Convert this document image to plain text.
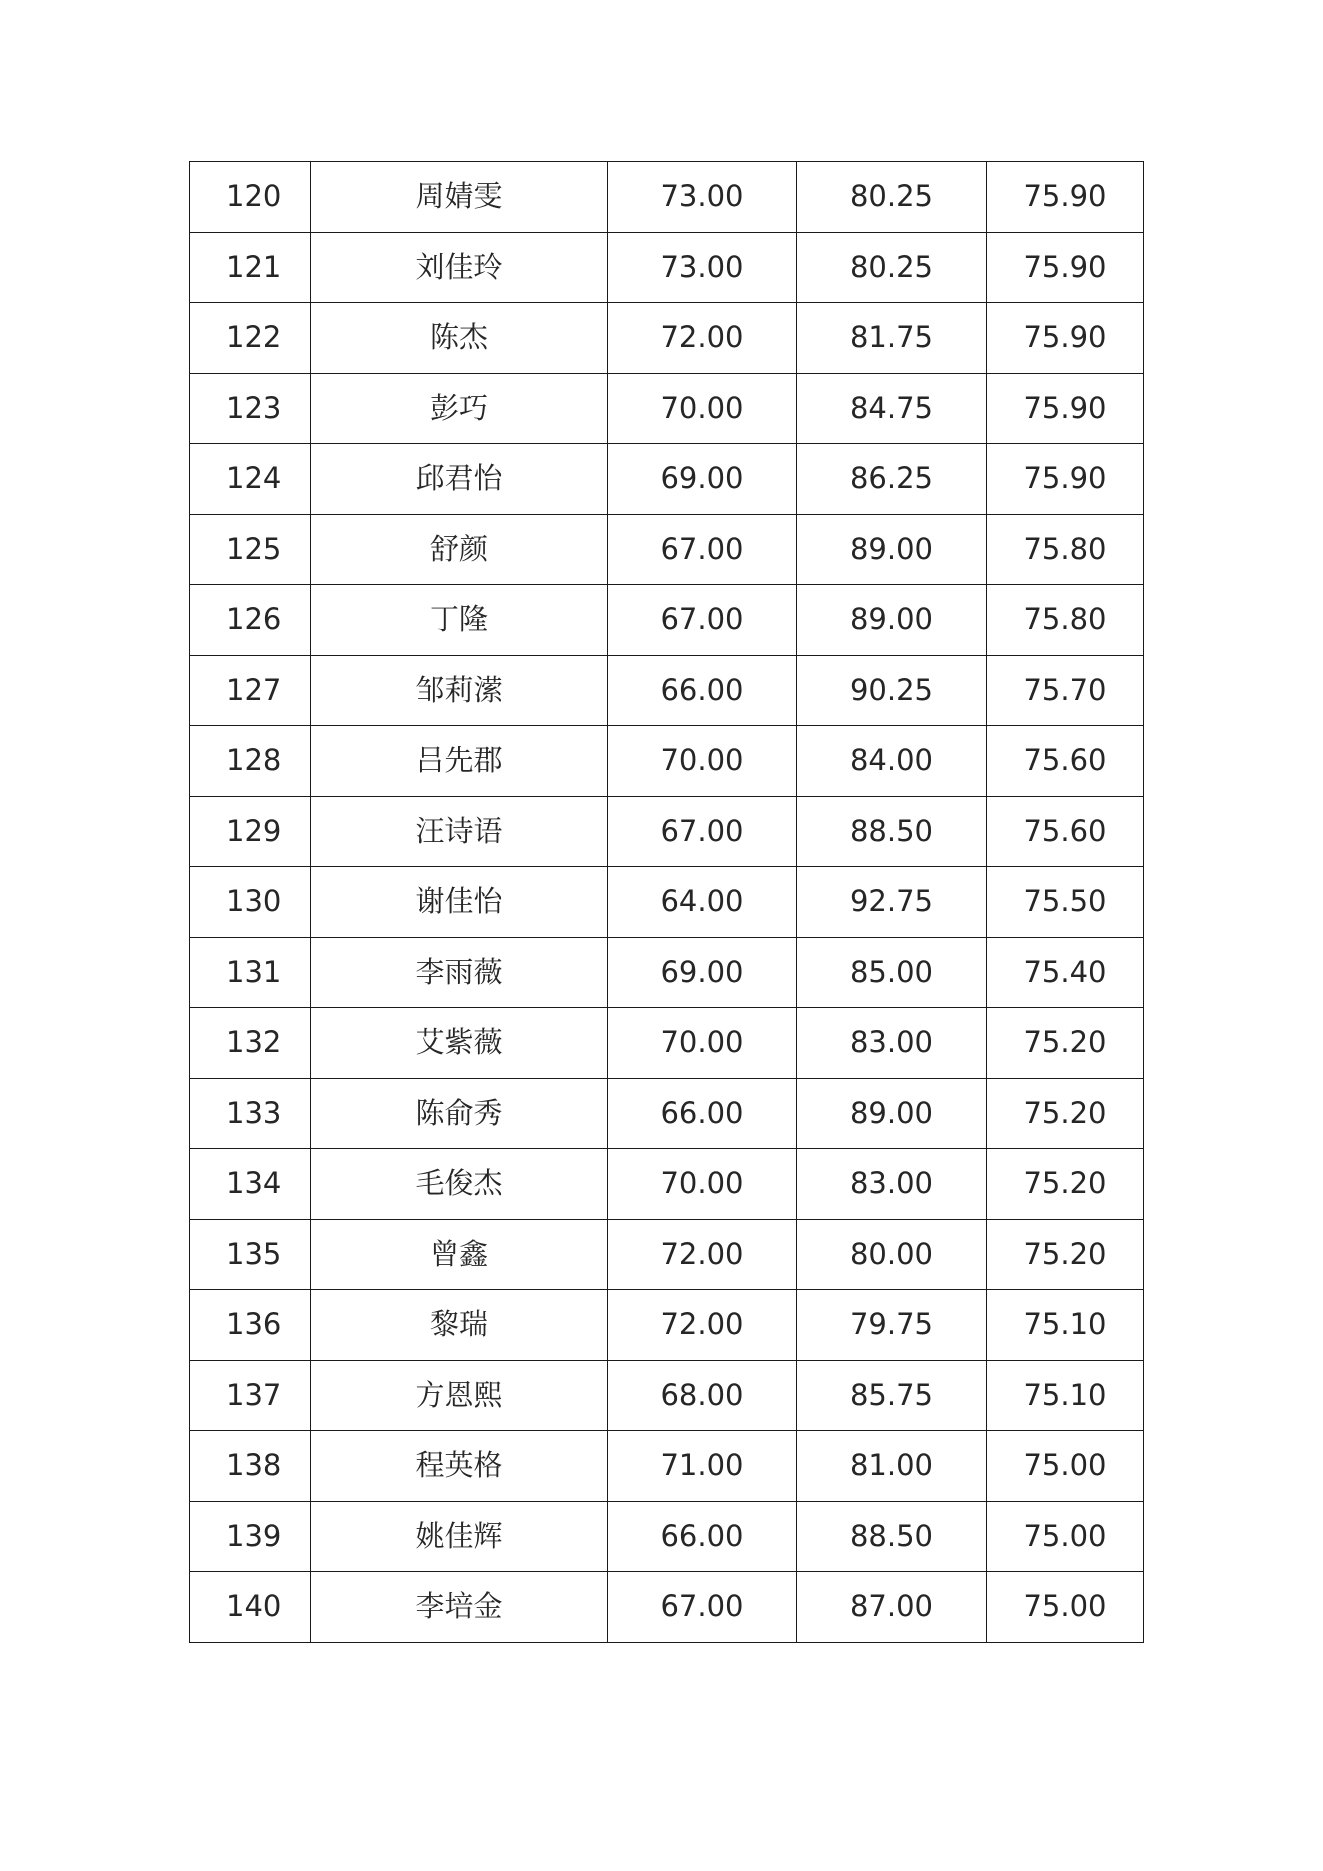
120	周婧雯	73.00	80.25	75.90
121	刘佳玲	73.00	80.25	75.90
122	陈杰	72.00	81.75	75.90
123	彭巧	70.00	84.75	75.90
124	邱君怡	69.00	86.25	75.90
125	舒颜	67.00	89.00	75.80
126	丁隆	67.00	89.00	75.80
127	邹莉潆	66.00	90.25	75.70
128	吕先郡	70.00	84.00	75.60
129	汪诗语	67.00	88.50	75.60
130	谢佳怡	64.00	92.75	75.50
131	李雨薇	69.00	85.00	75.40
132	艾紫薇	70.00	83.00	75.20
133	陈俞秀	66.00	89.00	75.20
134	毛俊杰	70.00	83.00	75.20
135	曾鑫	72.00	80.00	75.20
136	黎瑞	72.00	79.75	75.10
137	方恩熙	68.00	85.75	75.10
138	程英格	71.00	81.00	75.00
139	姚佳辉	66.00	88.50	75.00
140	李培金	67.00	87.00	75.00
